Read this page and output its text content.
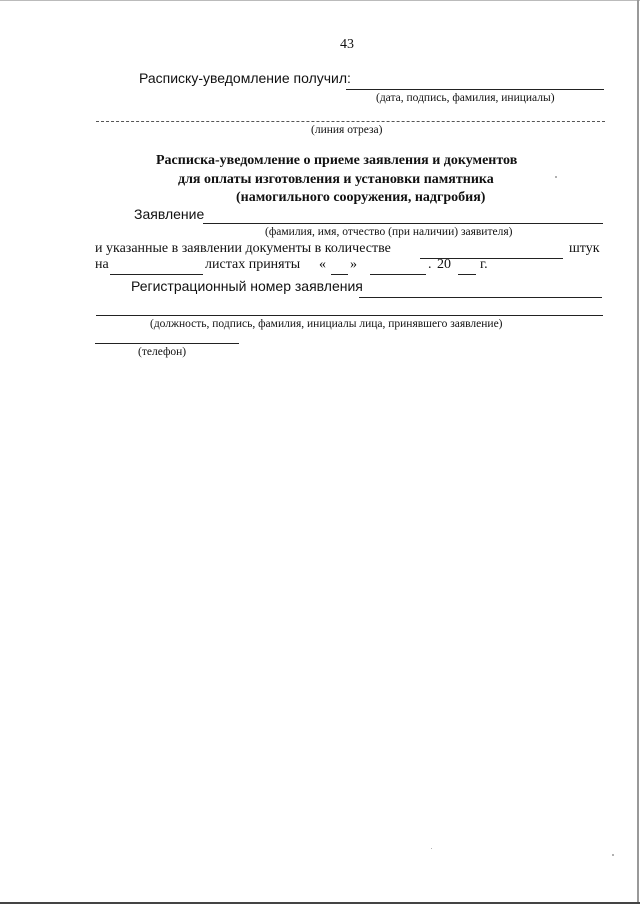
43
Расписку-уведомление получил:
(дата, подпись, фамилия, инициалы)
(линия отреза)
Расписка-уведомление о приеме заявления и документов
для оплаты изготовления и установки памятника
(намогильного сооружения, надгробия)
Заявление
(фамилия, имя, отчество (при наличии) заявителя)
и указанные в заявлении документы в количестве	штук
на	листах приняты « »	. 20 г.
Регистрационный номер заявления
(должность, подпись, фамилия, инициалы лица, принявшего заявление)
(телефон)
